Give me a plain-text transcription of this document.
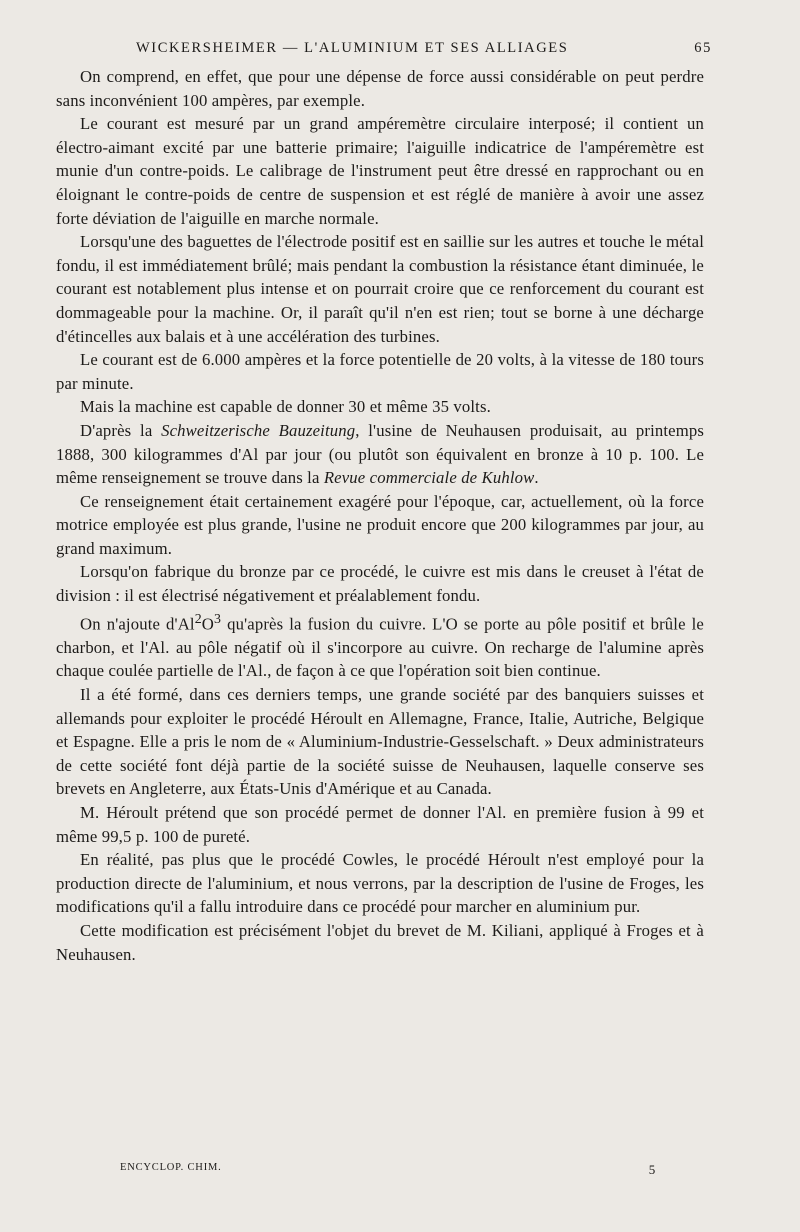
WICKERSHEIMER — L'ALUMINIUM ET SES ALLIAGES	65

On comprend, en effet, que pour une dépense de force aussi considérable on peut perdre sans inconvénient 100 ampères, par exemple.

Le courant est mesuré par un grand ampéremètre circulaire interposé; il contient un électro-aimant excité par une batterie primaire; l'aiguille indicatrice de l'ampéremètre est munie d'un contre-poids. Le calibrage de l'instrument peut être dressé en rapprochant ou en éloignant le contre-poids de centre de suspension et est réglé de manière à avoir une assez forte déviation de l'aiguille en marche normale.

Lorsqu'une des baguettes de l'électrode positif est en saillie sur les autres et touche le métal fondu, il est immédiatement brûlé; mais pendant la combustion la résistance étant diminuée, le courant est notablement plus intense et on pourrait croire que ce renforcement du courant est dommageable pour la machine. Or, il paraît qu'il n'en est rien; tout se borne à une décharge d'étincelles aux balais et à une accélération des turbines.

Le courant est de 6.000 ampères et la force potentielle de 20 volts, à la vitesse de 180 tours par minute.

Mais la machine est capable de donner 30 et même 35 volts.

D'après la Schweitzerische Bauzeitung, l'usine de Neuhausen produisait, au printemps 1888, 300 kilogrammes d'Al par jour (ou plutôt son équivalent en bronze à 10 p. 100. Le même renseignement se trouve dans la Revue commerciale de Kuhlow.

Ce renseignement était certainement exagéré pour l'époque, car, actuellement, où la force motrice employée est plus grande, l'usine ne produit encore que 200 kilogrammes par jour, au grand maximum.

Lorsqu'on fabrique du bronze par ce procédé, le cuivre est mis dans le creuset à l'état de division : il est électrisé négativement et préalablement fondu.

On n'ajoute $d'Al^2O^3$ qu'après la fusion du cuivre. L'O se porte au pôle positif et brûle le charbon, et l'Al. au pôle négatif où il s'incorpore au cuivre. On recharge de l'alumine après chaque coulée partielle de l'Al., de façon à ce que l'opération soit bien continue.

Il a été formé, dans ces derniers temps, une grande société par des banquiers suisses et allemands pour exploiter le procédé Héroult en Allemagne, France, Italie, Autriche, Belgique et Espagne. Elle a pris le nom de « Aluminium-Industrie-Gesselschaft. » Deux administrateurs de cette société font déjà partie de la société suisse de Neuhausen, laquelle conserve ses brevets en Angleterre, aux États-Unis d'Amérique et au Canada.

M. Héroult prétend que son procédé permet de donner l'Al. en première fusion à 99 et même 99,5 p. 100 de pureté.

En réalité, pas plus que le procédé Cowles, le procédé Héroult n'est employé pour la production directe de l'aluminium, et nous verrons, par la description de l'usine de Froges, les modifications qu'il a fallu introduire dans ce procédé pour marcher en aluminium pur.

Cette modification est précisément l'objet du brevet de M. Kiliani, appliqué à Froges et à Neuhausen.

ENCYCLOP. CHIM.	5
